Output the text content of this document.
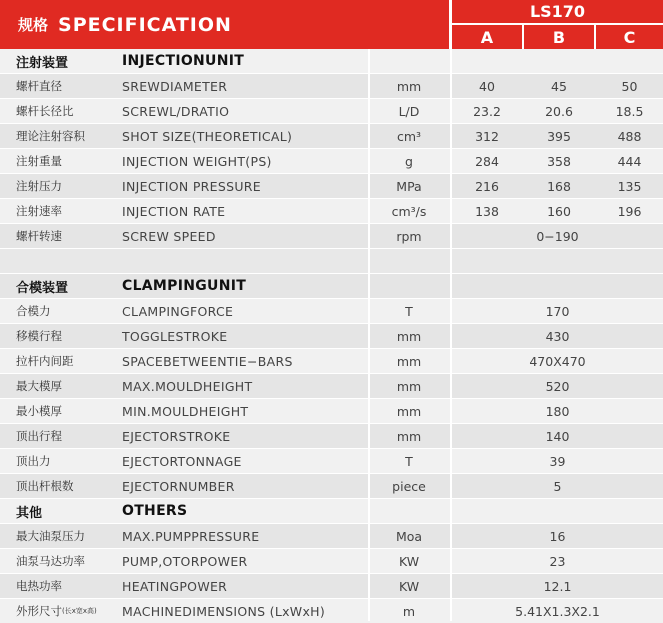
规格 SPECIFICATION
LS170
A	B	C
注射装置	INJECTIONUNIT
螺杆直径	SREWDIAMETER	mm	40	45	50
螺杆长径比	SCREWL/DRATIO	L/D	23.2	20.6	18.5
理论注射容积	SHOT SIZE(THEORETICAL)	cm³	312	395	488
注射重量	INJECTION WEIGHT(PS)	g	284	358	444
注射压力	INJECTION PRESSURE	MPa	216	168	135
注射速率	INJECTION RATE	cm³/s	138	160	196
螺杆转速	SCREW SPEED	rpm	0−190
合模装置	CLAMPINGUNIT
合模力	CLAMPINGFORCE	T	170
移模行程	TOGGLESTROKE	mm	430
拉杆内间距	SPACEBETWEENTIE−BARS	mm	470X470
最大模厚	MAX.MOULDHEIGHT	mm	520
最小模厚	MIN.MOULDHEIGHT	mm	180
顶出行程	EJECTORSTROKE	mm	140
顶出力	EJECTORTONNAGE	T	39
顶出杆根数	EJECTORNUMBER	piece	5
其他	OTHERS
最大油泵压力	MAX.PUMPPRESSURE	Moa	16
油泵马达功率	PUMP,OTORPOWER	KW	23
电热功率	HEATINGPOWER	KW	12.1
外形尺寸 (长x宽x高) MACHINEDIMENSIONS (LxWxH)	m	5.41X1.3X2.1
